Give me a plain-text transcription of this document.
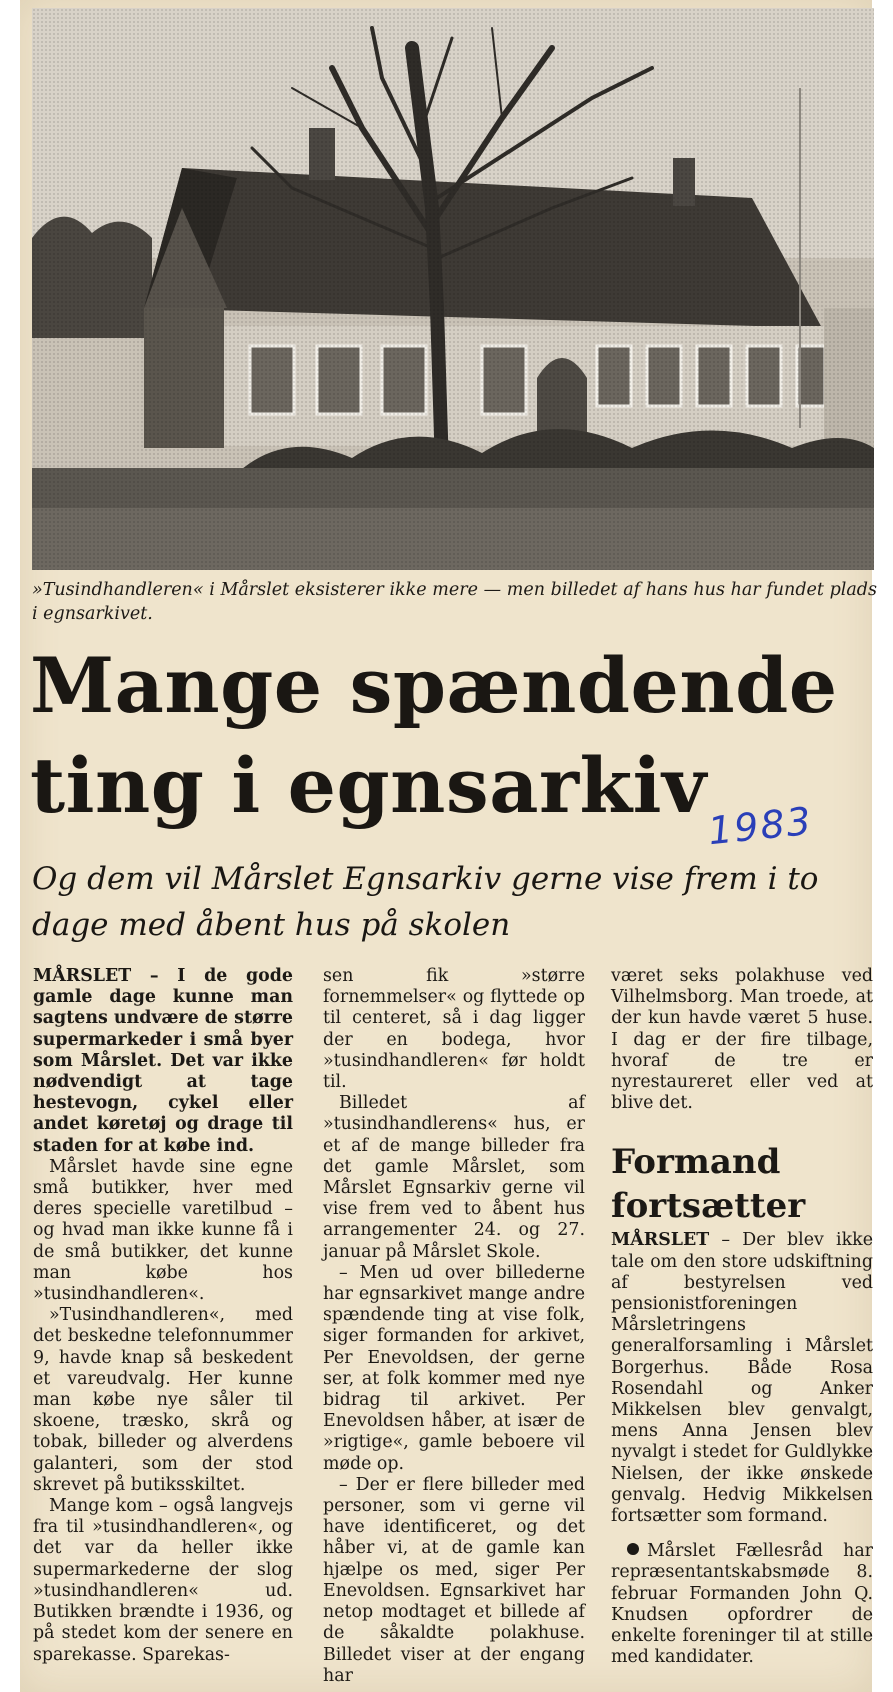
»Tusindhandleren« i Mårslet eksisterer ikke mere — men billedet af hans hus har fundet plads i egnsarkivet.
Mange spændende
ting i egnsarkiv 1983
Og dem vil Mårslet Egnsarkiv gerne vise frem i to dage med åbent hus på skolen

MÅRSLET – I de gode gamle dage kunne man sagtens undvære de større supermarkeder i små byer som Mårslet. Det var ikke nødvendigt at tage hestevogn, cykel eller andet køretøj og drage til staden for at købe ind.

Mårslet havde sine egne små butikker, hver med deres specielle varetilbud – og hvad man ikke kunne få i de små butikker, det kunne man købe hos »tusindhandleren«.

»Tusindhandleren«, med det beskedne telefonnummer 9, havde knap så beskedent et vareudvalg. Her kunne man købe nye såler til skoene, træsko, skrå og tobak, billeder og alverdens galanteri, som der stod skrevet på butiksskiltet.

Mange kom – også langvejs fra til »tusindhandleren«, og det var da heller ikke supermarkederne der slog »tusindhandleren« ud. Butikken brændte i 1936, og på stedet kom der senere en sparekasse. Sparekas-

sen fik »større fornemmelser« og flyttede op til centeret, så i dag ligger der en bodega, hvor »tusindhandleren« før holdt til.

Billedet af »tusindhandlerens« hus, er et af de mange billeder fra det gamle Mårslet, som Mårslet Egnsarkiv gerne vil vise frem ved to åbent hus arrangementer 24. og 27. januar på Mårslet Skole.

– Men ud over billederne har egnsarkivet mange andre spændende ting at vise folk, siger formanden for arkivet, Per Enevoldsen, der gerne ser, at folk kommer med nye bidrag til arkivet. Per Enevoldsen håber, at især de »rigtige«, gamle beboere vil møde op.

– Der er flere billeder med personer, som vi gerne vil have identificeret, og det håber vi, at de gamle kan hjælpe os med, siger Per Enevoldsen. Egnsarkivet har netop modtaget et billede af de såkaldte polakhuse. Billedet viser at der engang har

været seks polakhuse ved Vilhelmsborg. Man troede, at der kun havde været 5 huse. I dag er der fire tilbage, hvoraf de tre er nyrestaureret eller ved at blive det.

Formand fortsætter

MÅRSLET – Der blev ikke tale om den store udskiftning af bestyrelsen ved pensionistforeningen Mårsletringens generalforsamling i Mårslet Borgerhus. Både Rosa Rosendahl og Anker Mikkelsen blev genvalgt, mens Anna Jensen blev nyvalgt i stedet for Guldlykke Nielsen, der ikke ønskede genvalg. Hedvig Mikkelsen fortsætter som formand.

Mårslet Fællesråd har repræsentantskabsmøde 8. februar Formanden John Q. Knudsen opfordrer de enkelte foreninger til at stille med kandidater.
